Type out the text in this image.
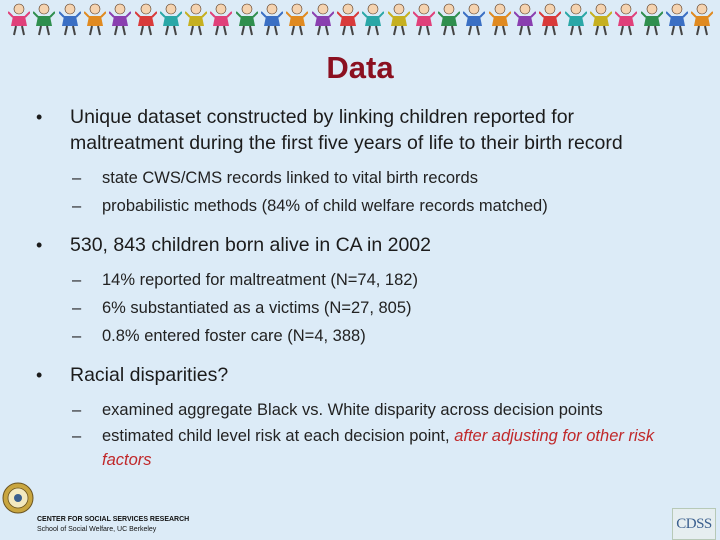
Data
• Unique dataset constructed by linking children reported for maltreatment during the first five years of life to their birth record
– state CWS/CMS records linked to vital birth records
– probabilistic methods (84% of child welfare records matched)
• 530, 843 children born alive in CA in 2002
– 14% reported for maltreatment (N=74, 182)
– 6% substantiated as a victims (N=27, 805)
– 0.8% entered foster care (N=4, 388)
• Racial disparities?
– examined aggregate Black vs. White disparity across decision points
– estimated child level risk at each decision point, after adjusting for other risk factors
CENTER FOR SOCIAL SERVICES RESEARCH
School of Social Welfare, UC Berkeley	CDSS
